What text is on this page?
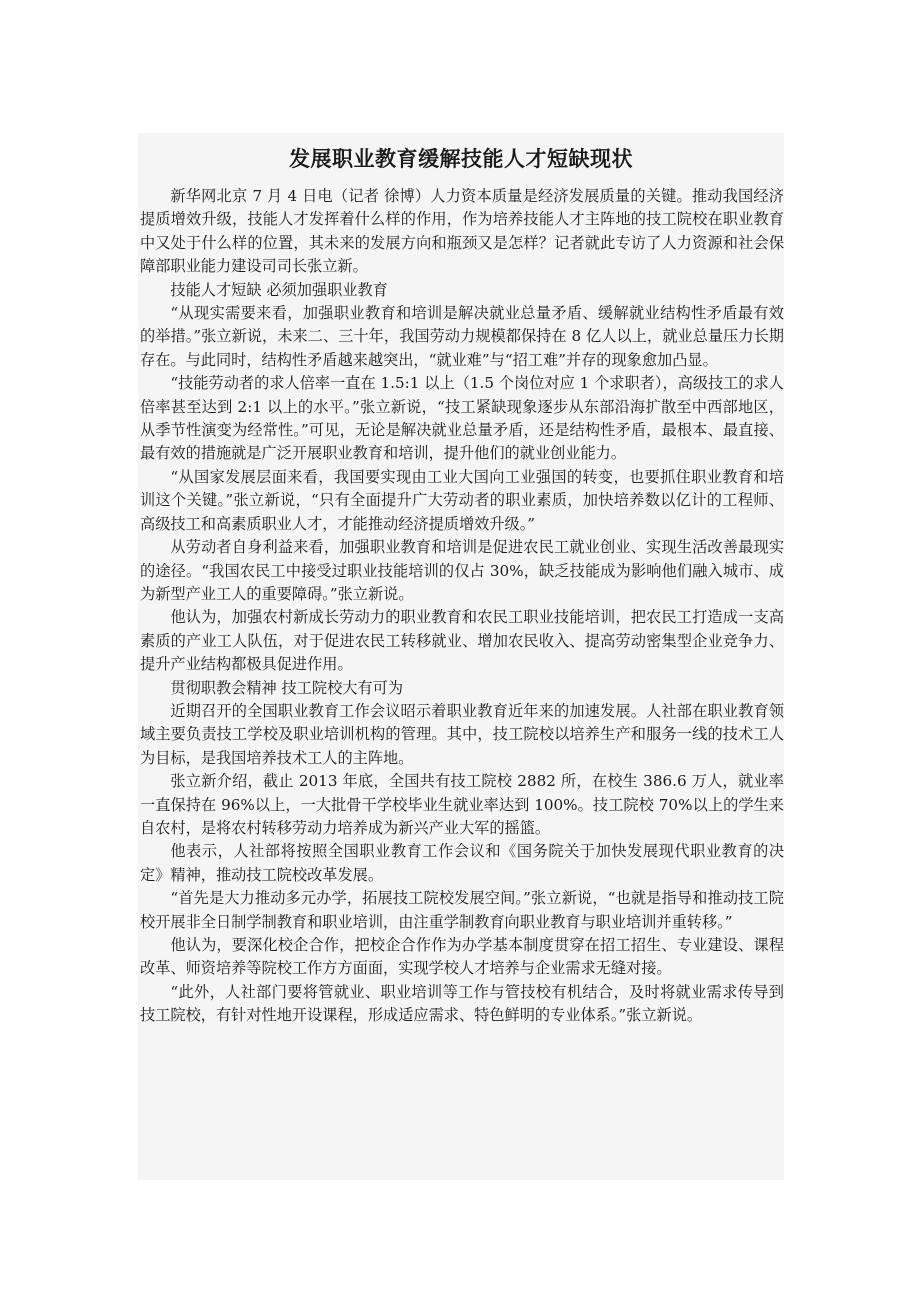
发展职业教育缓解技能人才短缺现状

新华网北京 7 月 4 日电（记者 徐博）人力资本质量是经济发展质量的关键。推动我国经济提质增效升级，技能人才发挥着什么样的作用，作为培养技能人才主阵地的技工院校在职业教育中又处于什么样的位置，其未来的发展方向和瓶颈又是怎样？记者就此专访了人力资源和社会保障部职业能力建设司司长张立新。

技能人才短缺 必须加强职业教育

“从现实需要来看，加强职业教育和培训是解决就业总量矛盾、缓解就业结构性矛盾最有效的举措。”张立新说，未来二、三十年，我国劳动力规模都保持在 8 亿人以上，就业总量压力长期存在。与此同时，结构性矛盾越来越突出，“就业难”与“招工难”并存的现象愈加凸显。

“技能劳动者的求人倍率一直在 1.5:1 以上（1.5 个岗位对应 1 个求职者），高级技工的求人倍率甚至达到 2:1 以上的水平。”张立新说，“技工紧缺现象逐步从东部沿海扩散至中西部地区，从季节性演变为经常性。”可见，无论是解决就业总量矛盾，还是结构性矛盾，最根本、最直接、最有效的措施就是广泛开展职业教育和培训，提升他们的就业创业能力。

“从国家发展层面来看，我国要实现由工业大国向工业强国的转变，也要抓住职业教育和培训这个关键。”张立新说，“只有全面提升广大劳动者的职业素质，加快培养数以亿计的工程师、高级技工和高素质职业人才，才能推动经济提质增效升级。”

从劳动者自身利益来看，加强职业教育和培训是促进农民工就业创业、实现生活改善最现实的途径。“我国农民工中接受过职业技能培训的仅占 30%，缺乏技能成为影响他们融入城市、成为新型产业工人的重要障碍。”张立新说。

他认为，加强农村新成长劳动力的职业教育和农民工职业技能培训，把农民工打造成一支高素质的产业工人队伍，对于促进农民工转移就业、增加农民收入、提高劳动密集型企业竞争力、提升产业结构都极具促进作用。

贯彻职教会精神 技工院校大有可为

近期召开的全国职业教育工作会议昭示着职业教育近年来的加速发展。人社部在职业教育领域主要负责技工学校及职业培训机构的管理。其中，技工院校以培养生产和服务一线的技术工人为目标，是我国培养技术工人的主阵地。

张立新介绍，截止 2013 年底，全国共有技工院校 2882 所，在校生 386.6 万人，就业率一直保持在 96%以上，一大批骨干学校毕业生就业率达到 100%。技工院校 70%以上的学生来自农村，是将农村转移劳动力培养成为新兴产业大军的摇篮。

他表示，人社部将按照全国职业教育工作会议和《国务院关于加快发展现代职业教育的决定》精神，推动技工院校改革发展。

“首先是大力推动多元办学，拓展技工院校发展空间。”张立新说，“也就是指导和推动技工院校开展非全日制学制教育和职业培训，由注重学制教育向职业教育与职业培训并重转移。”

他认为，要深化校企合作，把校企合作作为办学基本制度贯穿在招工招生、专业建设、课程改革、师资培养等院校工作方方面面，实现学校人才培养与企业需求无缝对接。

“此外，人社部门要将管就业、职业培训等工作与管技校有机结合，及时将就业需求传导到技工院校，有针对性地开设课程，形成适应需求、特色鲜明的专业体系。”张立新说。
